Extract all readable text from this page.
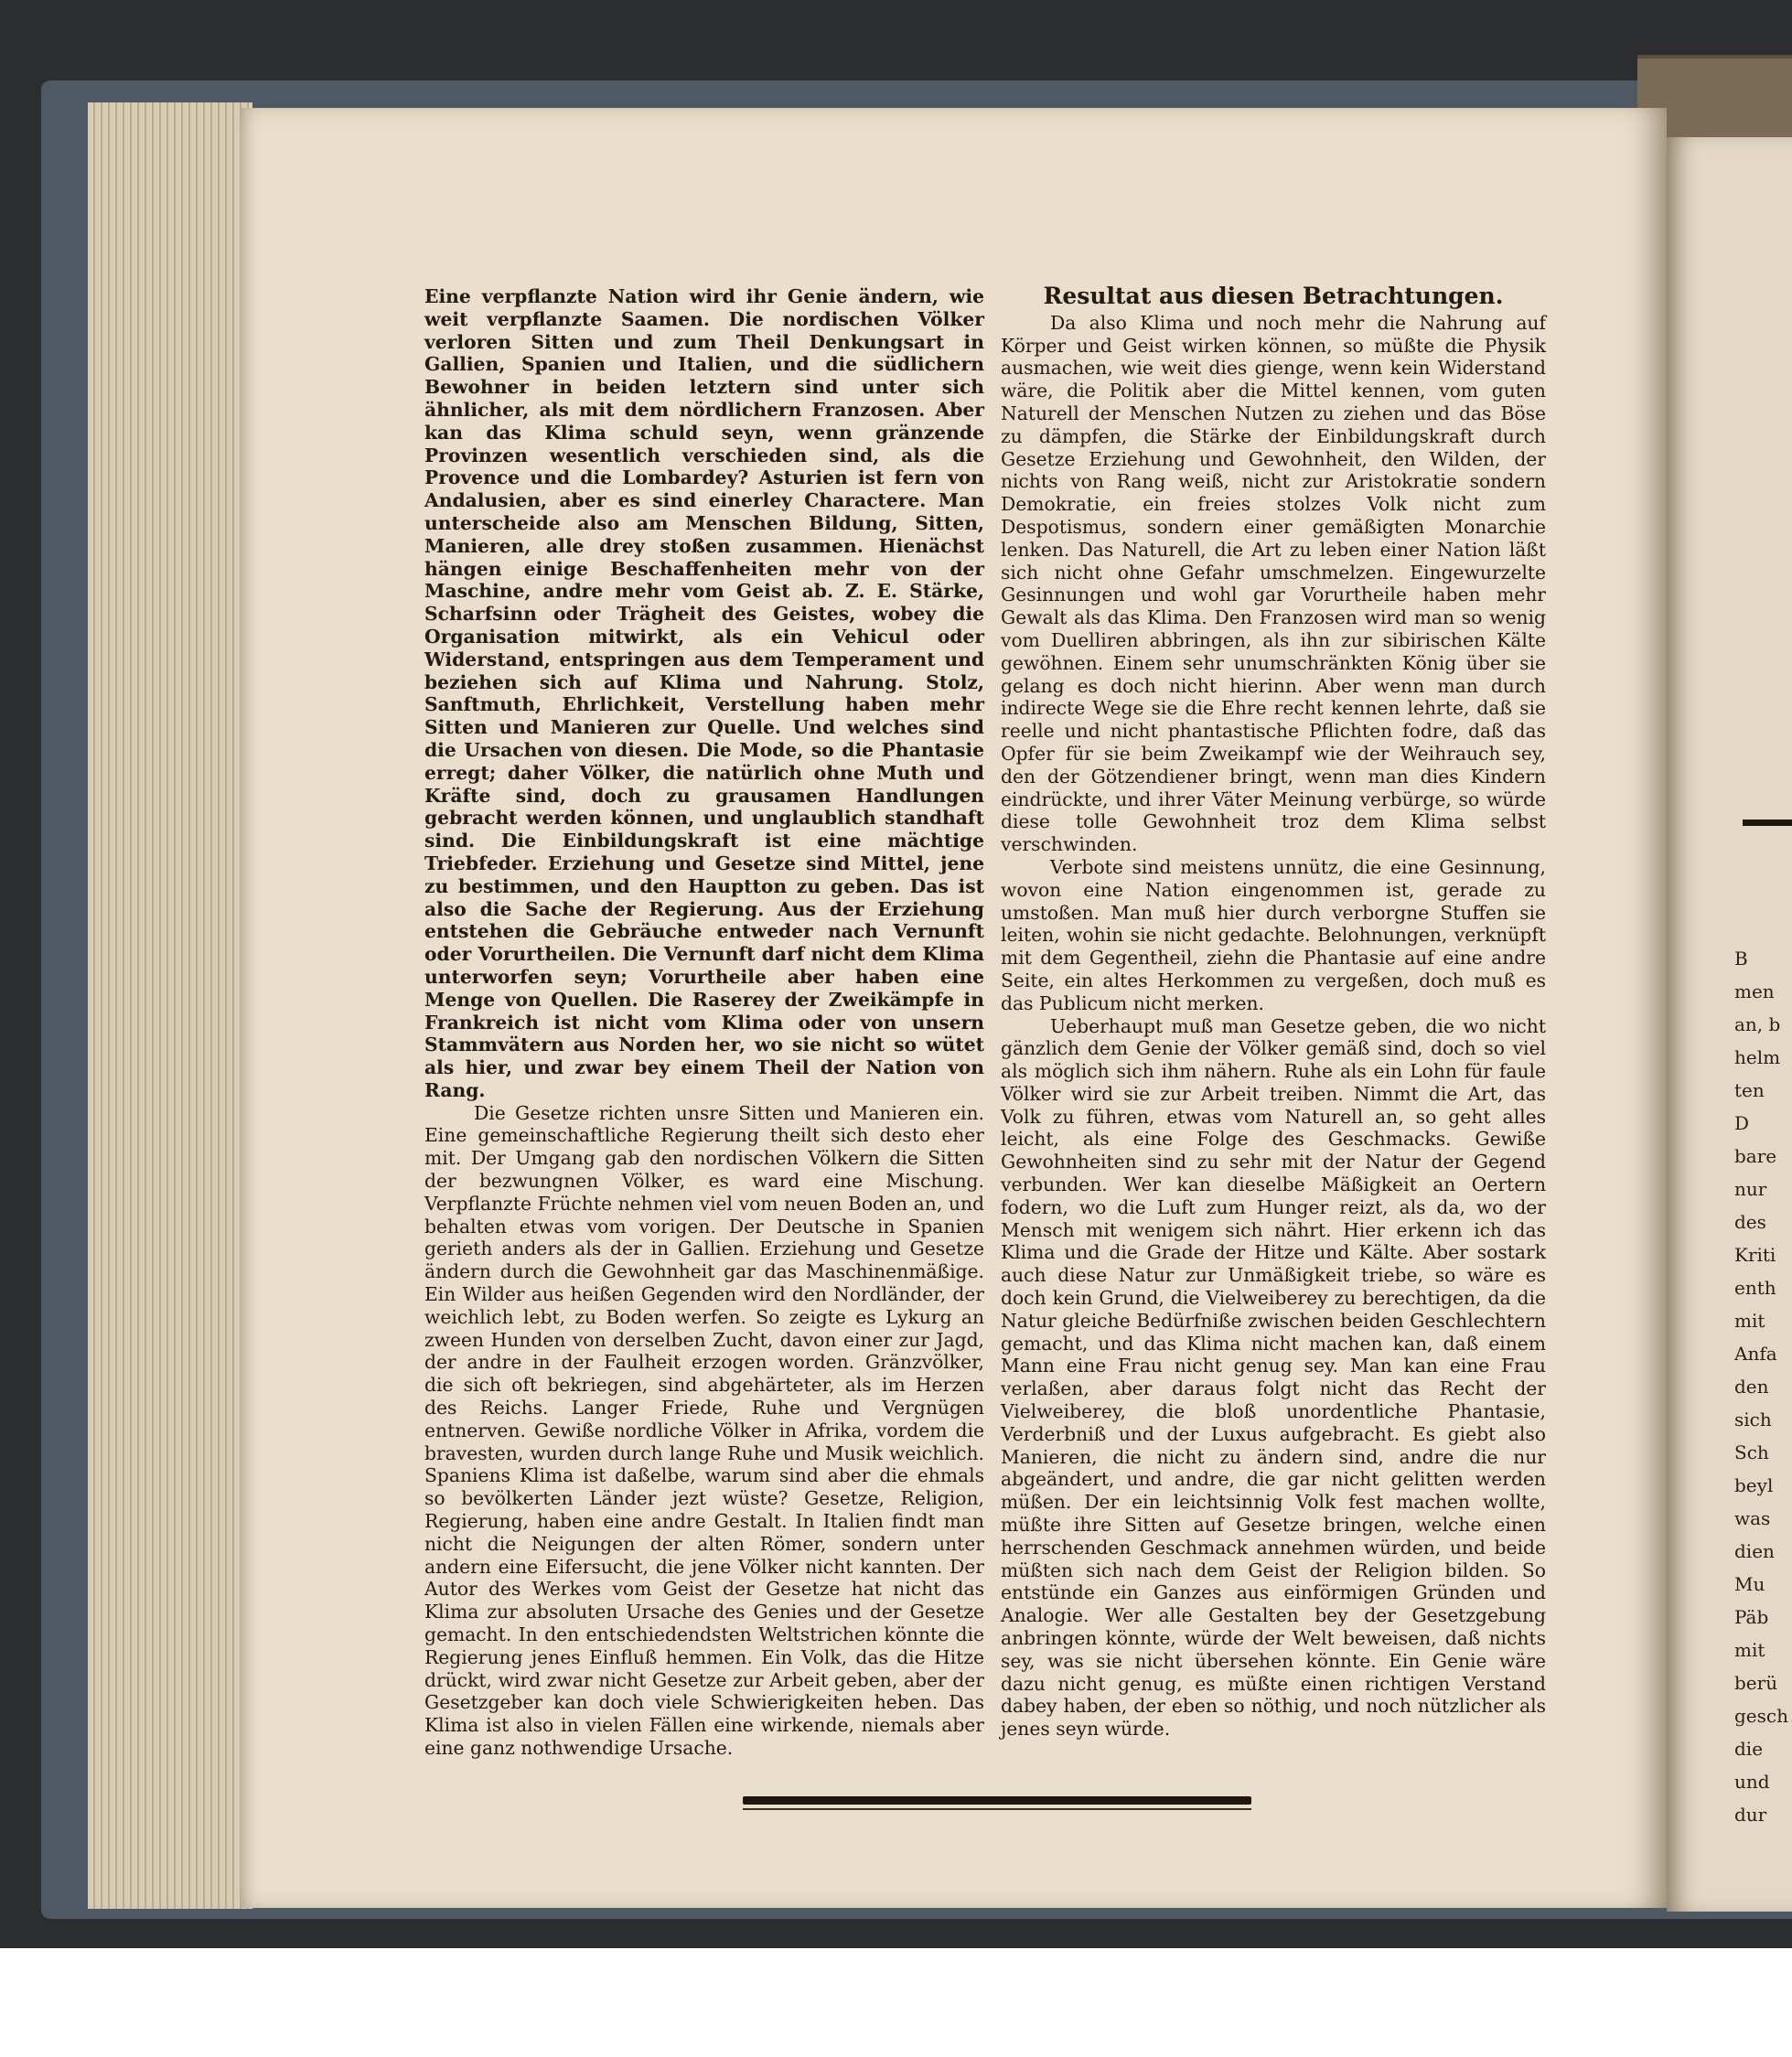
Eine verpflanzte Nation wird ihr Genie ändern, wie weit verpflanzte Saamen. Die nordischen Völker verloren Sitten und zum Theil Denkungsart in Gallien, Spanien und Italien, und die südlichern Bewohner in beiden letztern sind unter sich ähnlicher, als mit dem nördlichern Franzosen. Aber kan das Klima schuld seyn, wenn gränzende Provinzen wesentlich verschieden sind, als die Provence und die Lombardey? Asturien ist fern von Andalusien, aber es sind einerley Charactere. Man unterscheide also am Menschen Bildung, Sitten, Manieren, alle drey stoßen zusammen. Hienächst hängen einige Beschaffenheiten mehr von der Maschine, andre mehr vom Geist ab. Z. E. Stärke, Scharfsinn oder Trägheit des Geistes, wobey die Organisation mitwirkt, als ein Vehicul oder Widerstand, entspringen aus dem Temperament und beziehen sich auf Klima und Nahrung. Stolz, Sanftmuth, Ehrlichkeit, Verstellung haben mehr Sitten und Manieren zur Quelle. Und welches sind die Ursachen von diesen. Die Mode, so die Phantasie erregt; daher Völker, die natürlich ohne Muth und Kräfte sind, doch zu grausamen Handlungen gebracht werden können, und unglaublich standhaft sind. Die Einbildungskraft ist eine mächtige Triebfeder. Erziehung und Gesetze sind Mittel, jene zu bestimmen, und den Hauptton zu geben. Das ist also die Sache der Regierung. Aus der Erziehung entstehen die Gebräuche entweder nach Vernunft oder Vorurtheilen. Die Vernunft darf nicht dem Klima unterworfen seyn; Vorurtheile aber haben eine Menge von Quellen. Die Raserey der Zweikämpfe in Frankreich ist nicht vom Klima oder von unsern Stammvätern aus Norden her, wo sie nicht so wütet als hier, und zwar bey einem Theil der Nation von Rang.

Die Gesetze richten unsre Sitten und Manieren ein. Eine gemeinschaftliche Regierung theilt sich desto eher mit. Der Umgang gab den nordischen Völkern die Sitten der bezwungnen Völker, es ward eine Mischung. Verpflanzte Früchte nehmen viel vom neuen Boden an, und behalten etwas vom vorigen. Der Deutsche in Spanien gerieth anders als der in Gallien. Erziehung und Gesetze ändern durch die Gewohnheit gar das Maschinenmäßige. Ein Wilder aus heißen Gegenden wird den Nordländer, der weichlich lebt, zu Boden werfen. So zeigte es Lykurg an zween Hunden von derselben Zucht, davon einer zur Jagd, der andre in der Faulheit erzogen worden. Gränzvölker, die sich oft bekriegen, sind abgehärteter, als im Herzen des Reichs. Langer Friede, Ruhe und Vergnügen entnerven. Gewiße nordliche Völker in Afrika, vordem die bravesten, wurden durch lange Ruhe und Musik weichlich. Spaniens Klima ist daßelbe, warum sind aber die ehmals so bevölkerten Länder jezt wüste? Gesetze, Religion, Regierung, haben eine andre Gestalt. In Italien findt man nicht die Neigungen der alten Römer, sondern unter andern eine Eifersucht, die jene Völker nicht kannten. Der Autor des Werkes vom Geist der Gesetze hat nicht das Klima zur absoluten Ursache des Genies und der Gesetze gemacht. In den entschiedendsten Weltstrichen könnte die Regierung jenes Einfluß hemmen. Ein Volk, das die Hitze drückt, wird zwar nicht Gesetze zur Arbeit geben, aber der Gesetzgeber kan doch viele Schwierigkeiten heben. Das Klima ist also in vielen Fällen eine wirkende, niemals aber eine ganz nothwendige Ursache.

Resultat aus diesen Betrachtungen.

Da also Klima und noch mehr die Nahrung auf Körper und Geist wirken können, so müßte die Physik ausmachen, wie weit dies gienge, wenn kein Widerstand wäre, die Politik aber die Mittel kennen, vom guten Naturell der Menschen Nutzen zu ziehen und das Böse zu dämpfen, die Stärke der Einbildungskraft durch Gesetze Erziehung und Gewohnheit, den Wilden, der nichts von Rang weiß, nicht zur Aristokratie sondern Demokratie, ein freies stolzes Volk nicht zum Despotismus, sondern einer gemäßigten Monarchie lenken. Das Naturell, die Art zu leben einer Nation läßt sich nicht ohne Gefahr umschmelzen. Eingewurzelte Gesinnungen und wohl gar Vorurtheile haben mehr Gewalt als das Klima. Den Franzosen wird man so wenig vom Duelliren abbringen, als ihn zur sibirischen Kälte gewöhnen. Einem sehr unumschränkten König über sie gelang es doch nicht hierinn. Aber wenn man durch indirecte Wege sie die Ehre recht kennen lehrte, daß sie reelle und nicht phantastische Pflichten fodre, daß das Opfer für sie beim Zweikampf wie der Weihrauch sey, den der Götzendiener bringt, wenn man dies Kindern eindrückte, und ihrer Väter Meinung verbürge, so würde diese tolle Gewohnheit troz dem Klima selbst verschwinden.

Verbote sind meistens unnütz, die eine Gesinnung, wovon eine Nation eingenommen ist, gerade zu umstoßen. Man muß hier durch verborgne Stuffen sie leiten, wohin sie nicht gedachte. Belohnungen, verknüpft mit dem Gegentheil, ziehn die Phantasie auf eine andre Seite, ein altes Herkommen zu vergeßen, doch muß es das Publicum nicht merken.

Ueberhaupt muß man Gesetze geben, die wo nicht gänzlich dem Genie der Völker gemäß sind, doch so viel als möglich sich ihm nähern. Ruhe als ein Lohn für faule Völker wird sie zur Arbeit treiben. Nimmt die Art, das Volk zu führen, etwas vom Naturell an, so geht alles leicht, als eine Folge des Geschmacks. Gewiße Gewohnheiten sind zu sehr mit der Natur der Gegend verbunden. Wer kan dieselbe Mäßigkeit an Oertern fodern, wo die Luft zum Hunger reizt, als da, wo der Mensch mit wenigem sich nährt. Hier erkenn ich das Klima und die Grade der Hitze und Kälte. Aber sostark auch diese Natur zur Unmäßigkeit triebe, so wäre es doch kein Grund, die Vielweiberey zu berechtigen, da die Natur gleiche Bedürfniße zwischen beiden Geschlechtern gemacht, und das Klima nicht machen kan, daß einem Mann eine Frau nicht genug sey. Man kan eine Frau verlaßen, aber daraus folgt nicht das Recht der Vielweiberey, die bloß unordentliche Phantasie, Verderbniß und der Luxus aufgebracht. Es giebt also Manieren, die nicht zu ändern sind, andre die nur abgeändert, und andre, die gar nicht gelitten werden müßen. Der ein leichtsinnig Volk fest machen wollte, müßte ihre Sitten auf Gesetze bringen, welche einen herrschenden Geschmack annehmen würden, und beide müßten sich nach dem Geist der Religion bilden. So entstünde ein Ganzes aus einförmigen Gründen und Analogie. Wer alle Gestalten bey der Gesetzgebung anbringen könnte, würde der Welt beweisen, daß nichts sey, was sie nicht übersehen könnte. Ein Genie wäre dazu nicht genug, es müßte einen richtigen Verstand dabey haben, der eben so nöthig, und noch nützlicher als jenes seyn würde.

B
men
an, b
helm
ten
D
bare
nur
des
Kriti
enth
mit
Anfa
den
sich
Sch
beyl
was
dien
Mu
Päb
mit
berü
gesch
die
und
dur
